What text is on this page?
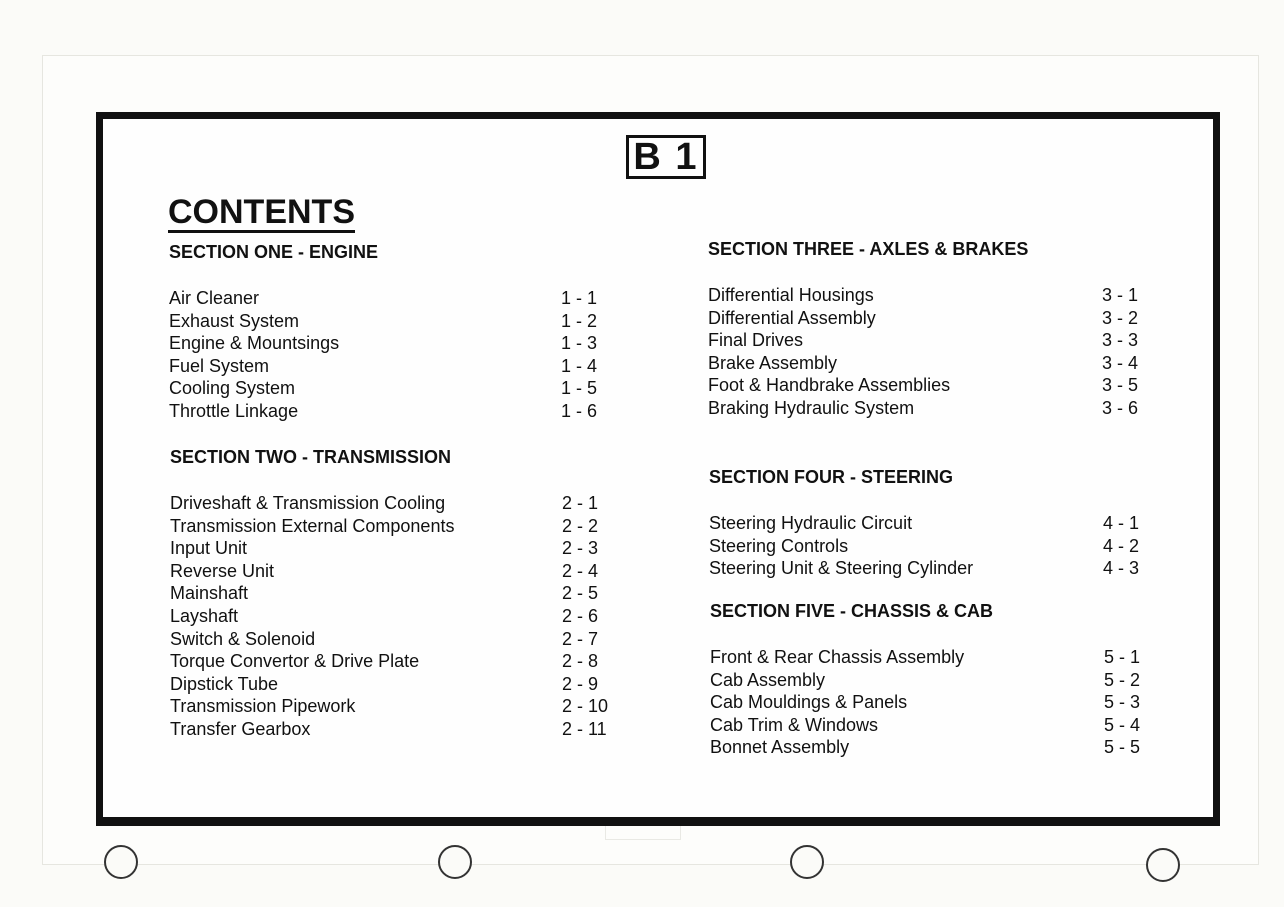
B 1
CONTENTS
SECTION ONE - ENGINE
Air Cleaner	1 - 1
Exhaust System	1 - 2
Engine & Mountsings	1 - 3
Fuel System	1 - 4
Cooling System	1 - 5
Throttle Linkage	1 - 6
SECTION TWO - TRANSMISSION
Driveshaft & Transmission Cooling	2 - 1
Transmission External Components	2 - 2
Input Unit	2 - 3
Reverse Unit	2 - 4
Mainshaft	2 - 5
Layshaft	2 - 6
Switch & Solenoid	2 - 7
Torque Convertor & Drive Plate	2 - 8
Dipstick Tube	2 - 9
Transmission Pipework	2 - 10
Transfer Gearbox	2 - 11
SECTION THREE - AXLES & BRAKES
Differential Housings	3 - 1
Differential Assembly	3 - 2
Final Drives	3 - 3
Brake Assembly	3 - 4
Foot & Handbrake Assemblies	3 - 5
Braking Hydraulic System	3 - 6
SECTION FOUR - STEERING
Steering Hydraulic Circuit	4 - 1
Steering Controls	4 - 2
Steering Unit & Steering Cylinder	4 - 3
SECTION FIVE - CHASSIS & CAB
Front & Rear Chassis Assembly	5 - 1
Cab Assembly	5 - 2
Cab Mouldings & Panels	5 - 3
Cab Trim & Windows	5 - 4
Bonnet Assembly	5 - 5
